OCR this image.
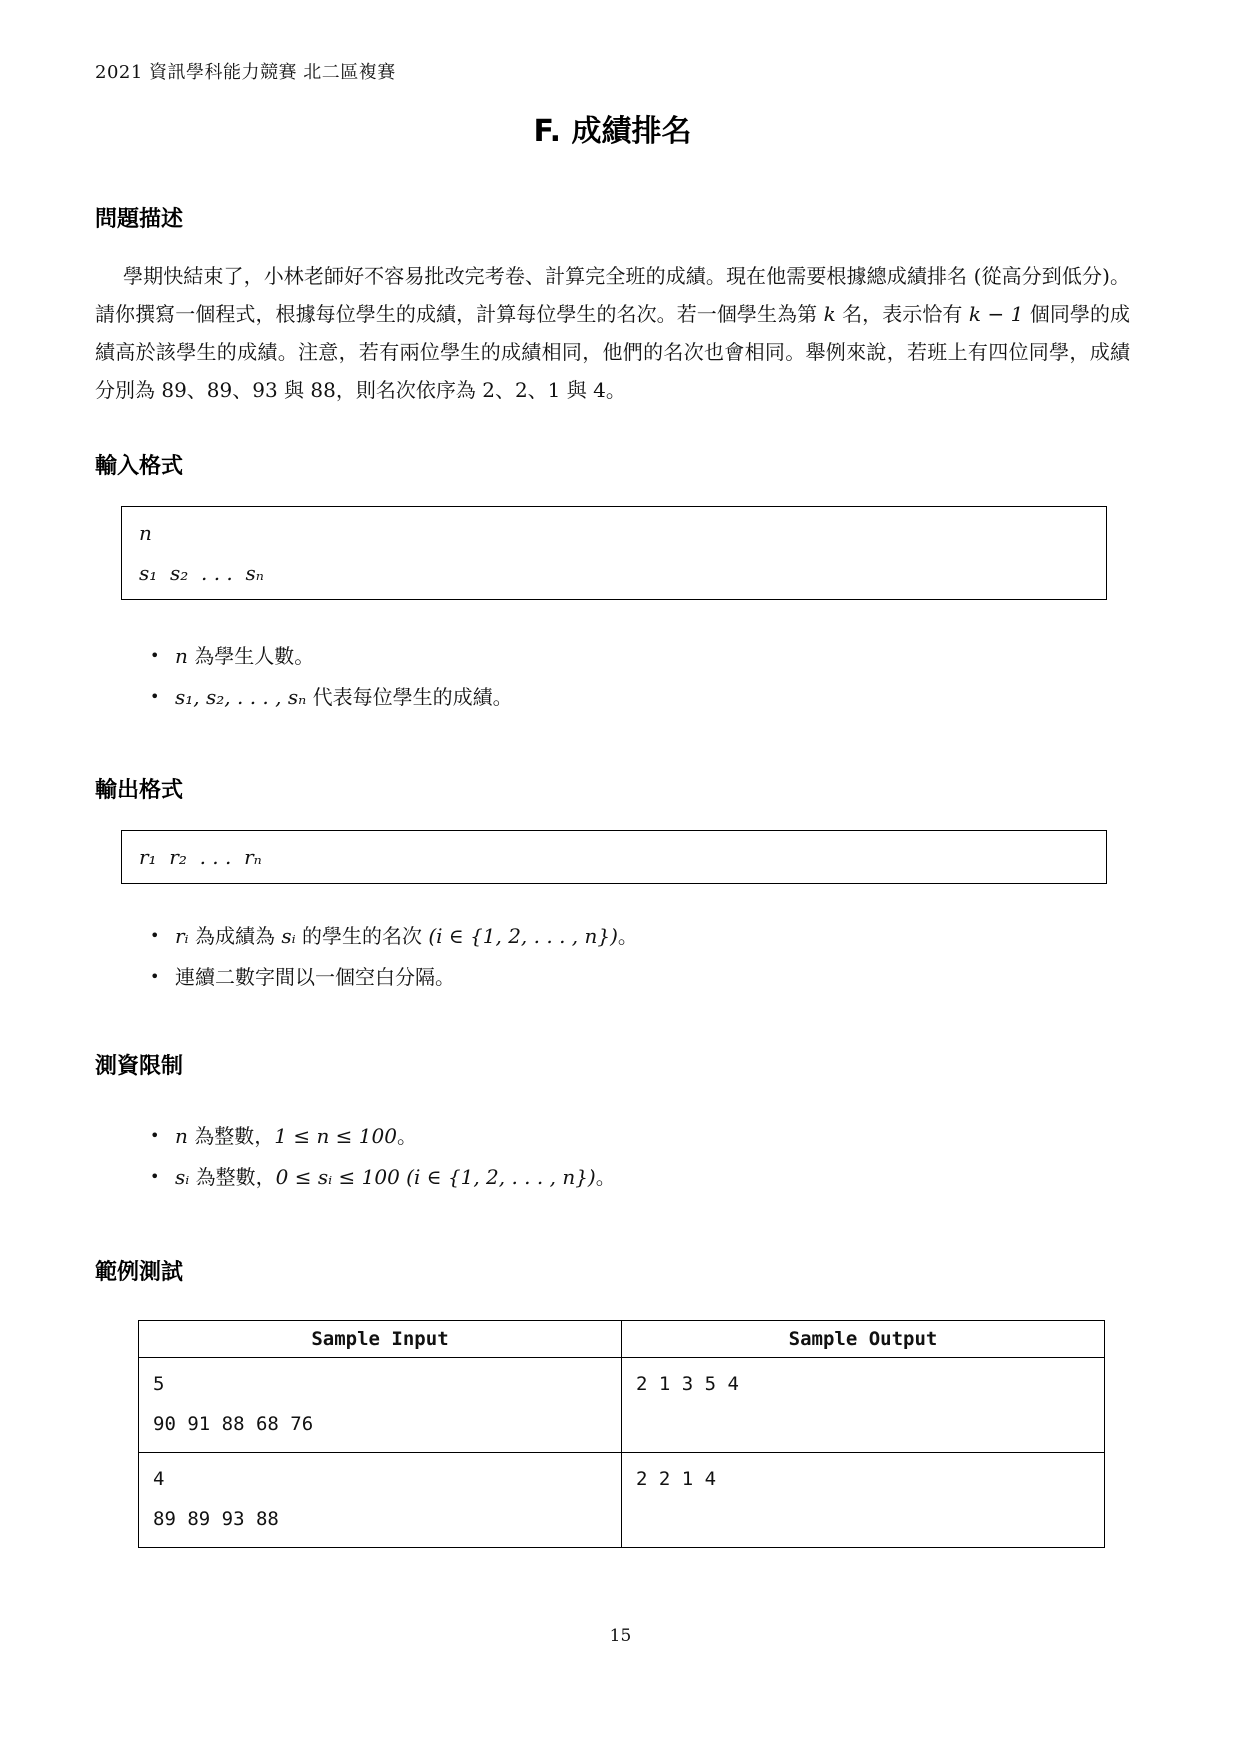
2021 資訊學科能力競賽 北二區複賽
F. 成績排名
問題描述

學期快結束了，小林老師好不容易批改完考卷、計算完全班的成績。現在他需要根據總成績排名 (從高分到低分)。請你撰寫一個程式，根據每位學生的成績，計算每位學生的名次。若一個學生為第 k 名，表示恰有 k − 1 個同學的成績高於該學生的成績。注意，若有兩位學生的成績相同，他們的名次也會相同。舉例來說，若班上有四位同學，成績分別為 89、89、93 與 88，則名次依序為 2、2、1 與 4。

輸入格式
n
s₁  s₂  . . .  sₙ
• n 為學生人數。
• s₁, s₂, . . . , sₙ 代表每位學生的成績。
輸出格式
r₁  r₂  . . .  rₙ
• rᵢ 為成績為 sᵢ 的學生的名次 (i ∈ {1, 2, . . . , n})。
• 連續二數字間以一個空白分隔。
測資限制
• n 為整數，1 ≤ n ≤ 100。
• sᵢ 為整數，0 ≤ sᵢ ≤ 100 (i ∈ {1, 2, . . . , n})。
範例測試
Sample Input	Sample Output

5
90 91 88 68 76	2 1 3 5 4

4
89 89 93 88	2 2 1 4
15
